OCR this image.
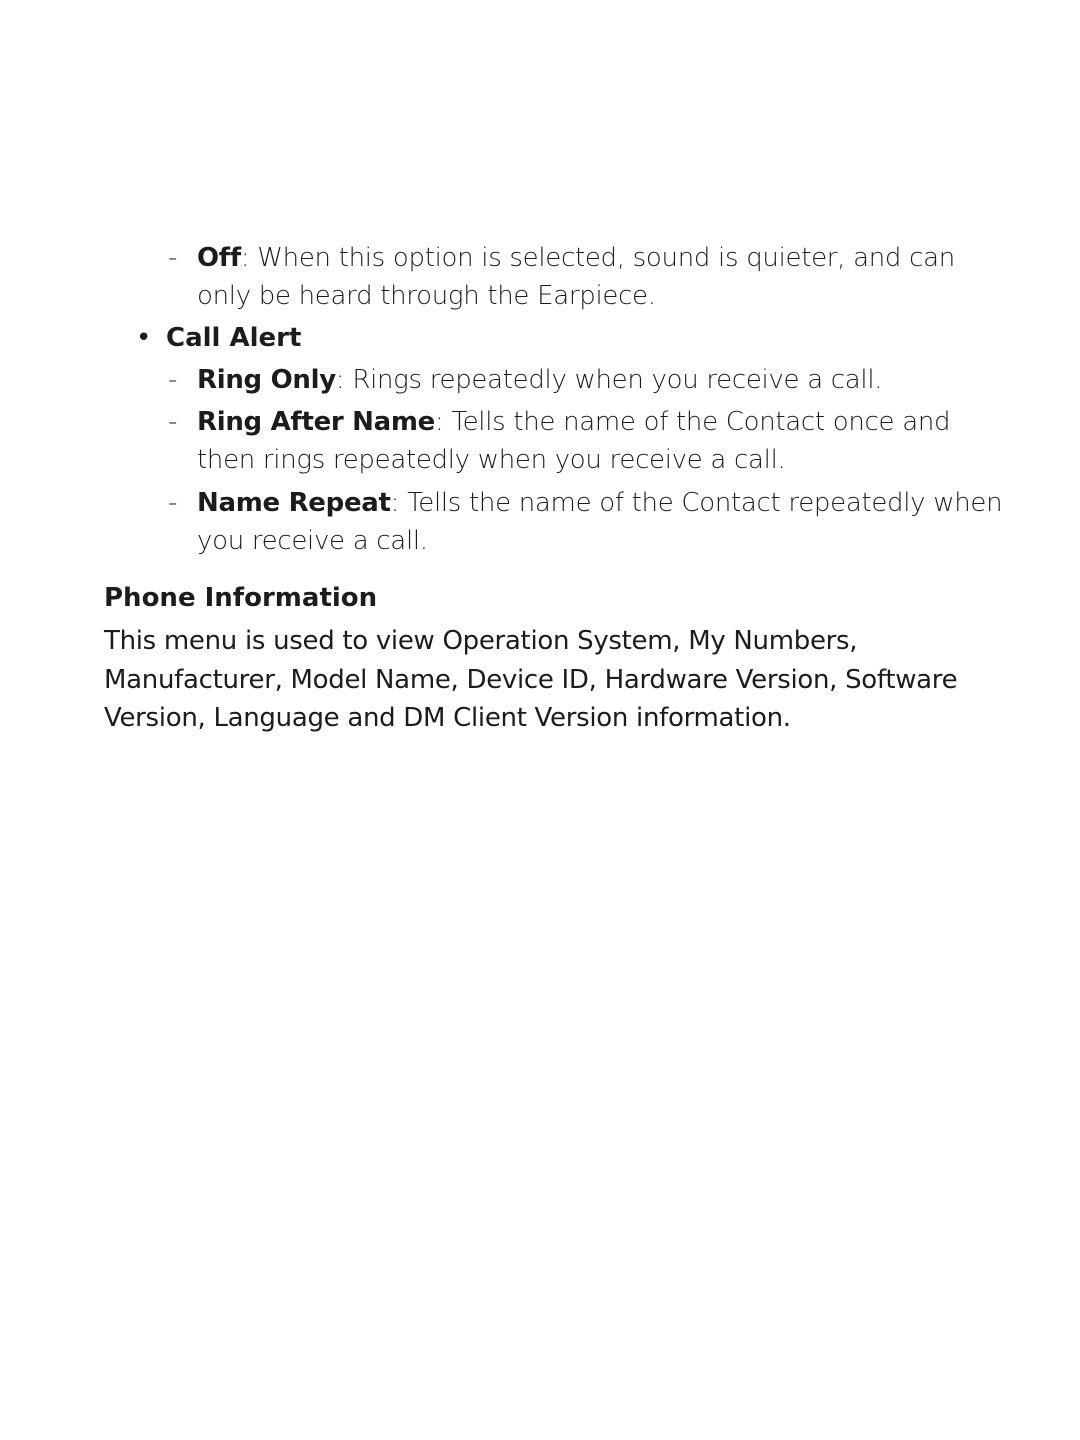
- Off: When this option is selected, sound is quieter, and can only be heard through the Earpiece.
• Call Alert
- Ring Only: Rings repeatedly when you receive a call.
- Ring After Name: Tells the name of the Contact once and then rings repeatedly when you receive a call.
- Name Repeat: Tells the name of the Contact repeatedly when you receive a call.
Phone Information

This menu is used to view Operation System, My Numbers, Manufacturer, Model Name, Device ID, Hardware Version, Software Version, Language and DM Client Version information.
